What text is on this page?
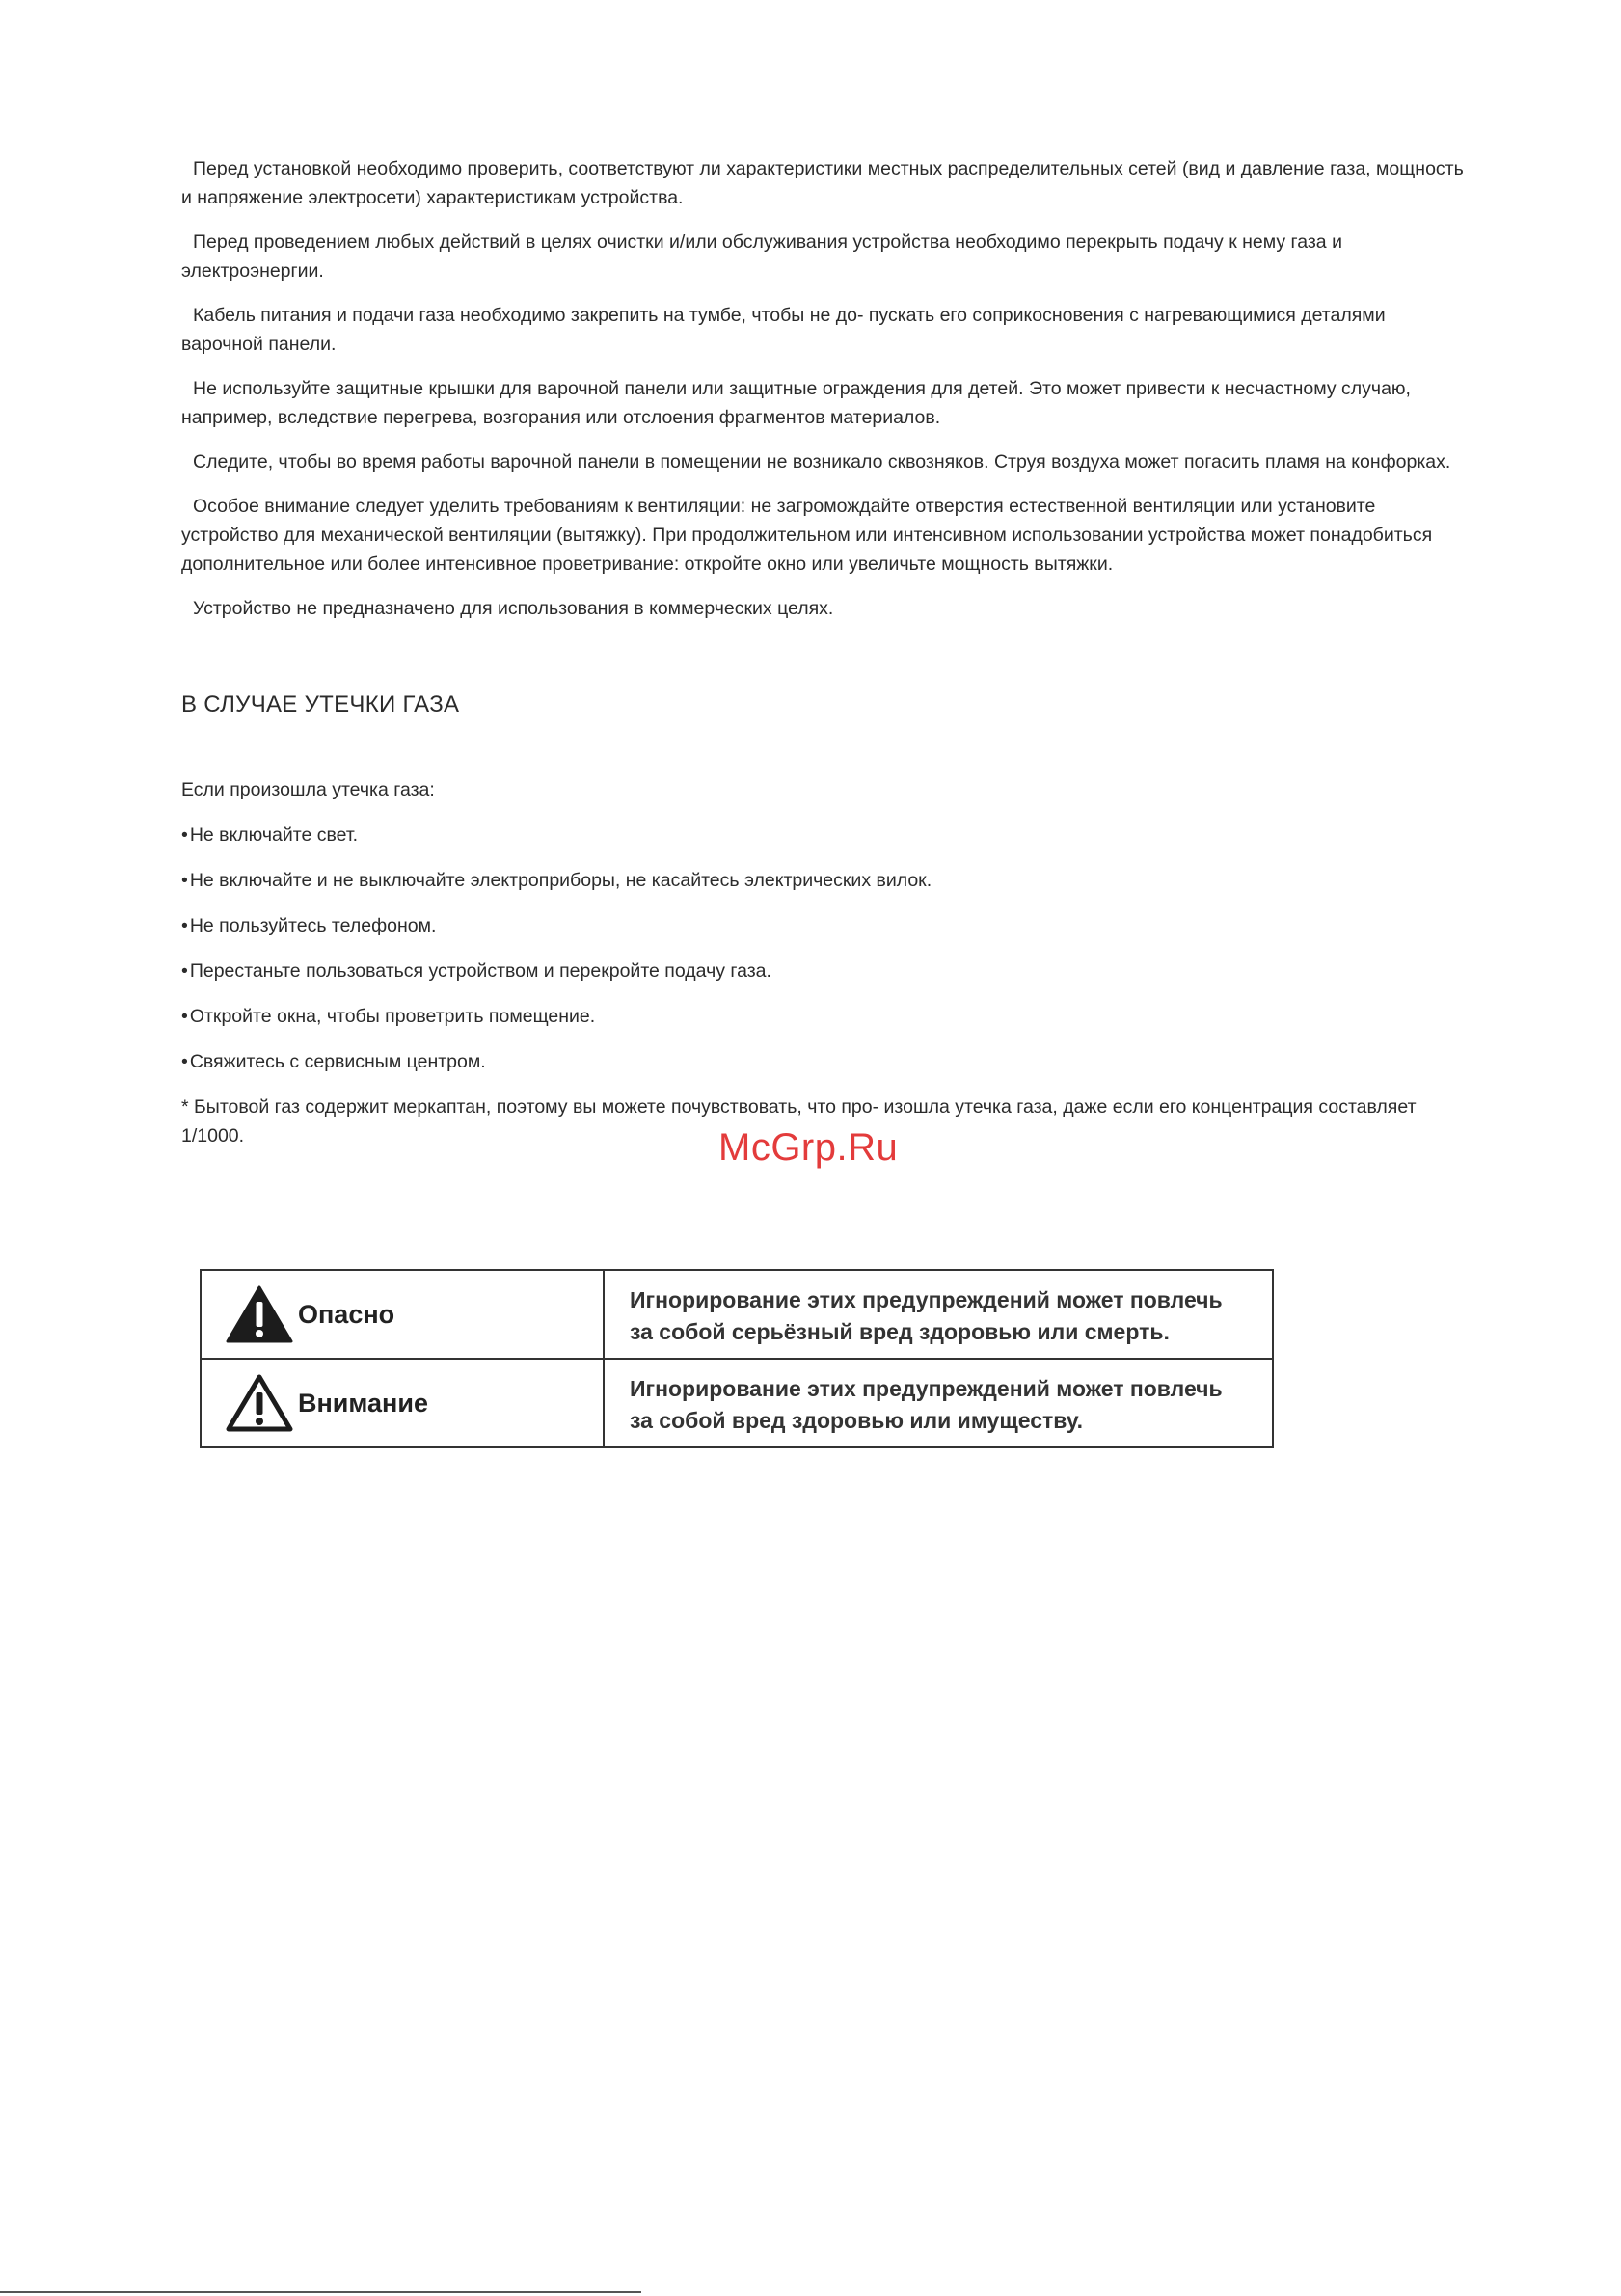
Перед установкой необходимо проверить, соответствуют ли характеристики местных распределительных сетей (вид и давление газа, мощность и напряжение электросети) характеристикам устройства.

Перед проведением любых действий в целях очистки и/или обслуживания устройства необходимо перекрыть подачу к нему газа и электроэнергии.

Кабель питания и подачи газа необходимо закрепить на тумбе, чтобы не до- пускать его соприкосновения с нагревающимися деталями варочной панели.

Не используйте защитные крышки для варочной панели или защитные ограждения для детей. Это может привести к несчастному случаю, например, вследствие перегрева, возгорания или отслоения фрагментов материалов.

Следите, чтобы во время работы варочной панели в помещении не возникало сквозняков. Струя воздуха может погасить пламя на конфорках.

Особое внимание следует уделить требованиям к вентиляции: не загромождайте отверстия естественной вентиляции или установите устройство для механической вентиляции (вытяжку). При продолжительном или интенсивном использовании устройства может понадобиться дополнительное или более интенсивное проветривание: откройте окно или увеличьте мощность вытяжки.

Устройство не предназначено для использования в коммерческих целях.

В СЛУЧАЕ УТЕЧКИ ГАЗА

Если произошла утечка газа:

• Не включайте свет.
• Не включайте и не выключайте электроприборы, не касайтесь электрических вилок.
• Не пользуйтесь телефоном.
• Перестаньте пользоваться устройством и перекройте подачу газа.
• Откройте окна, чтобы проветрить помещение.
• Свяжитесь с сервисным центром.

* Бытовой газ содержит меркаптан, поэтому вы можете почувствовать, что про- изошла утечка газа, даже если его концентрация составляет 1/1000.	McGrp.Ru
Опасно	Игнорирование этих предупреждений может повлечь
за собой серьёзный вред здоровью или смерть.

Внимание	Игнорирование этих предупреждений может повлечь
за собой вред здоровью или имуществу.
